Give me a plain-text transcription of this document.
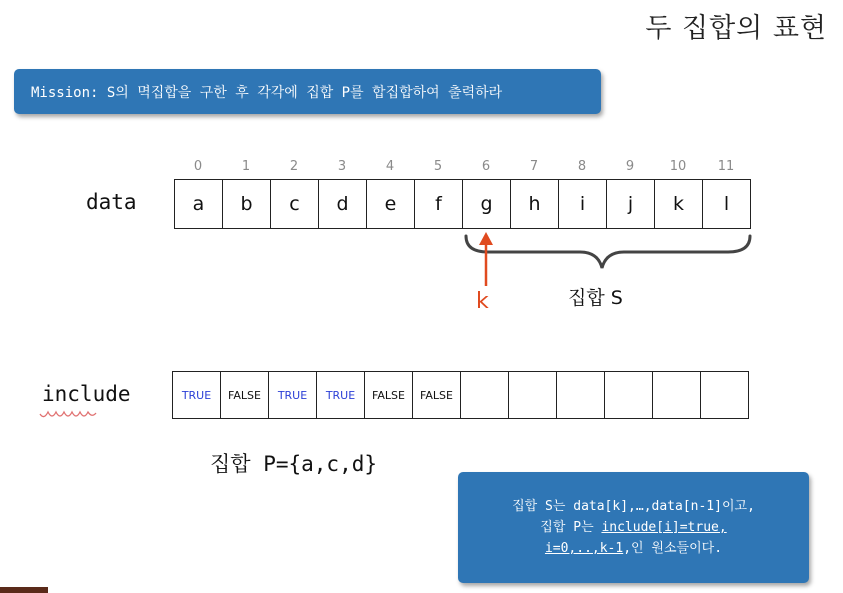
두 집합의 표현
Mission: S의 멱집합을 구한 후 각각에 집합 P를 합집합하여 출력하라
data
0	1	2	3	4	5	6	7	8	9	10	11
a	b	c	d	e	f	g	h	i	j	k	l
k	집합 S
include	TRUE	FALSE	TRUE	TRUE	FALSE	FALSE
집합 P={a,c,d}
집합 S는 data[k],…,data[n-1]이고,
집합 P는 include[i]=true,
i=0,..,k-1,인 원소들이다.
